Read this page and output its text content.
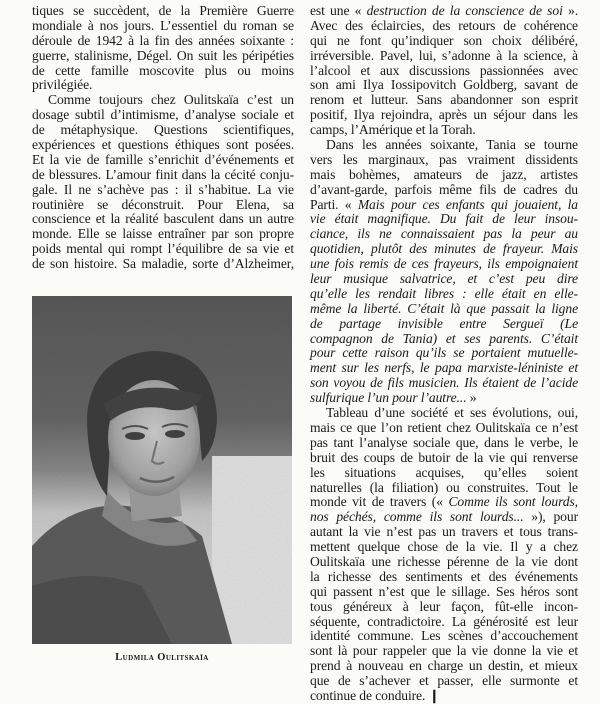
tiques se succèdent, de la Première Guerre
mondiale à nos jours. L’essentiel du roman se
déroule de 1942 à la fin des années soixante :
guerre, stalinisme, Dégel. On suit les péripéties
de cette famille moscovite plus ou moins
privilégiée.
Comme toujours chez Oulitskaïa c’est un
dosage subtil d’intimisme, d’analyse sociale et
de métaphysique. Questions scientifiques,
expériences et questions éthiques sont posées.
Et la vie de famille s’enrichit d’événements et
de blessures. L’amour finit dans la cécité conju-
gale. Il ne s’achève pas : il s’habitue. La vie
routinière se déconstruit. Pour Elena, sa
conscience et la réalité basculent dans un autre
monde. Elle se laisse entraîner par son propre
poids mental qui rompt l’équilibre de sa vie et
de son histoire. Sa maladie, sorte d’Alzheimer,
Ludmila Oulitskaïa
est une « destruction de la conscience de soi ».
Avec des éclaircies, des retours de cohérence
qui ne font qu’indiquer son choix délibéré,
irréversible. Pavel, lui, s’adonne à la science, à
l’alcool et aux discussions passionnées avec
son ami Ilya Iossipovitch Goldberg, savant de
renom et lutteur. Sans abandonner son esprit
positif, Ilya rejoindra, après un séjour dans les
camps, l’Amérique et la Torah.
Dans les années soixante, Tania se tourne
vers les marginaux, pas vraiment dissidents
mais bohèmes, amateurs de jazz, artistes
d’avant-garde, parfois même fils de cadres du
Parti. « Mais pour ces enfants qui jouaient, la
vie était magnifique. Du fait de leur insou-
ciance, ils ne connaissaient pas la peur au
quotidien, plutôt des minutes de frayeur. Mais
une fois remis de ces frayeurs, ils empoignaient
leur musique salvatrice, et c’est peu dire
qu’elle les rendait libres : elle était en elle-
même la liberté. C’était là que passait la ligne
de partage invisible entre Sergueï (Le
compagnon de Tania) et ses parents. C’était
pour cette raison qu’ils se portaient mutuelle-
ment sur les nerfs, le papa marxiste-léniniste et
son voyou de fils musicien. Ils étaient de l’acide
sulfurique l’un pour l’autre... »
Tableau d’une société et ses évolutions, oui,
mais ce que l’on retient chez Oulitskaïa ce n’est
pas tant l’analyse sociale que, dans le verbe, le
bruit des coups de butoir de la vie qui renverse
les situations acquises, qu’elles soient
naturelles (la filiation) ou construites. Tout le
monde vit de travers (« Comme ils sont lourds,
nos péchés, comme ils sont lourds... »), pour
autant la vie n’est pas un travers et tous trans-
mettent quelque chose de la vie. Il y a chez
Oulitskaïa une richesse pérenne de la vie dont
la richesse des sentiments et des événements
qui passent n’est que le sillage. Ses héros sont
tous généreux à leur façon, fût-elle incon-
séquente, contradictoire. La générosité est leur
identité commune. Les scènes d’accouchement
sont là pour rappeler que la vie donne la vie et
prend à nouveau en charge un destin, et mieux
que de s’achever et passer, elle surmonte et
continue de conduire. ❙
